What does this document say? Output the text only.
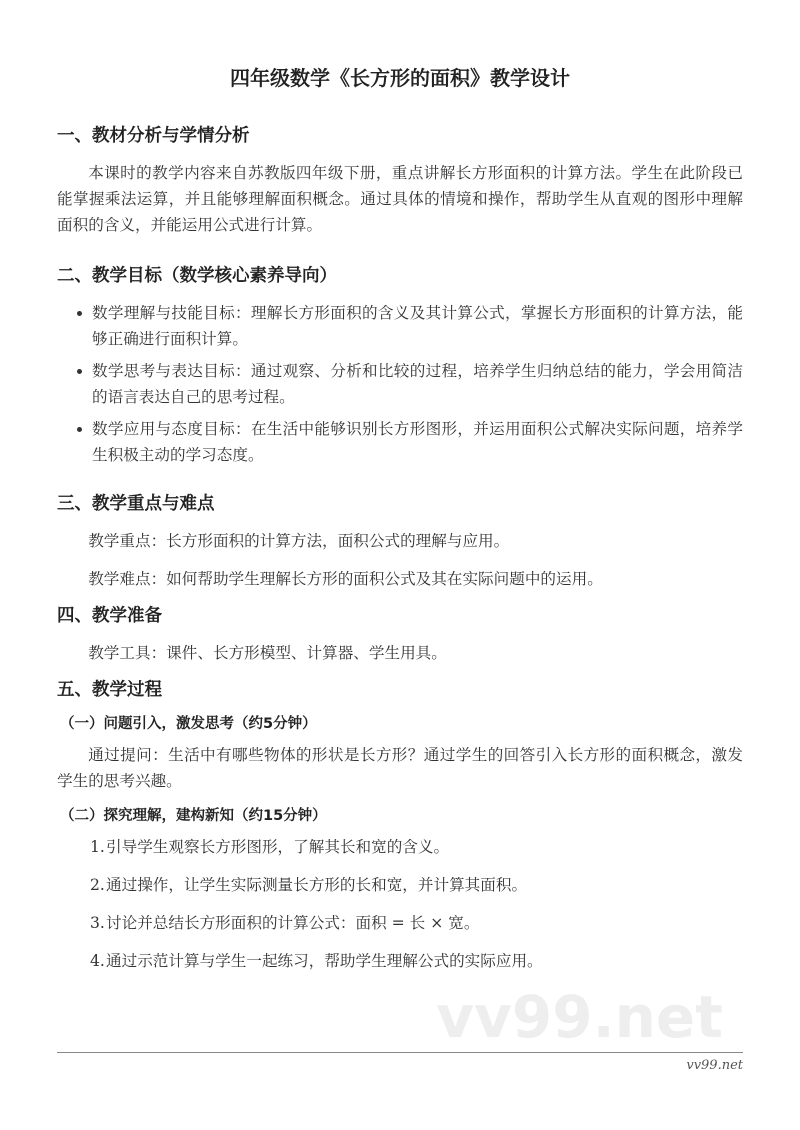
四年级数学《长方形的面积》教学设计
一、教材分析与学情分析
本课时的教学内容来自苏教版四年级下册，重点讲解长方形面积的计算方法。学生在此阶段已能掌握乘法运算，并且能够理解面积概念。通过具体的情境和操作，帮助学生从直观的图形中理解面积的含义，并能运用公式进行计算。
二、教学目标（数学核心素养导向）
数学理解与技能目标：理解长方形面积的含义及其计算公式，掌握长方形面积的计算方法，能够正确进行面积计算。
数学思考与表达目标：通过观察、分析和比较的过程，培养学生归纳总结的能力，学会用简洁的语言表达自己的思考过程。
数学应用与态度目标：在生活中能够识别长方形图形，并运用面积公式解决实际问题，培养学生积极主动的学习态度。
三、教学重点与难点
教学重点：长方形面积的计算方法，面积公式的理解与应用。
教学难点：如何帮助学生理解长方形的面积公式及其在实际问题中的运用。
四、教学准备
教学工具：课件、长方形模型、计算器、学生用具。
五、教学过程
（一）问题引入，激发思考（约5分钟）
通过提问：生活中有哪些物体的形状是长方形？通过学生的回答引入长方形的面积概念，激发学生的思考兴趣。
（二）探究理解，建构新知（约15分钟）
1.引导学生观察长方形图形，了解其长和宽的含义。
2.通过操作，让学生实际测量长方形的长和宽，并计算其面积。
3.讨论并总结长方形面积的计算公式：面积 = 长 × 宽。
4.通过示范计算与学生一起练习，帮助学生理解公式的实际应用。
vv99.net
vv99.net
